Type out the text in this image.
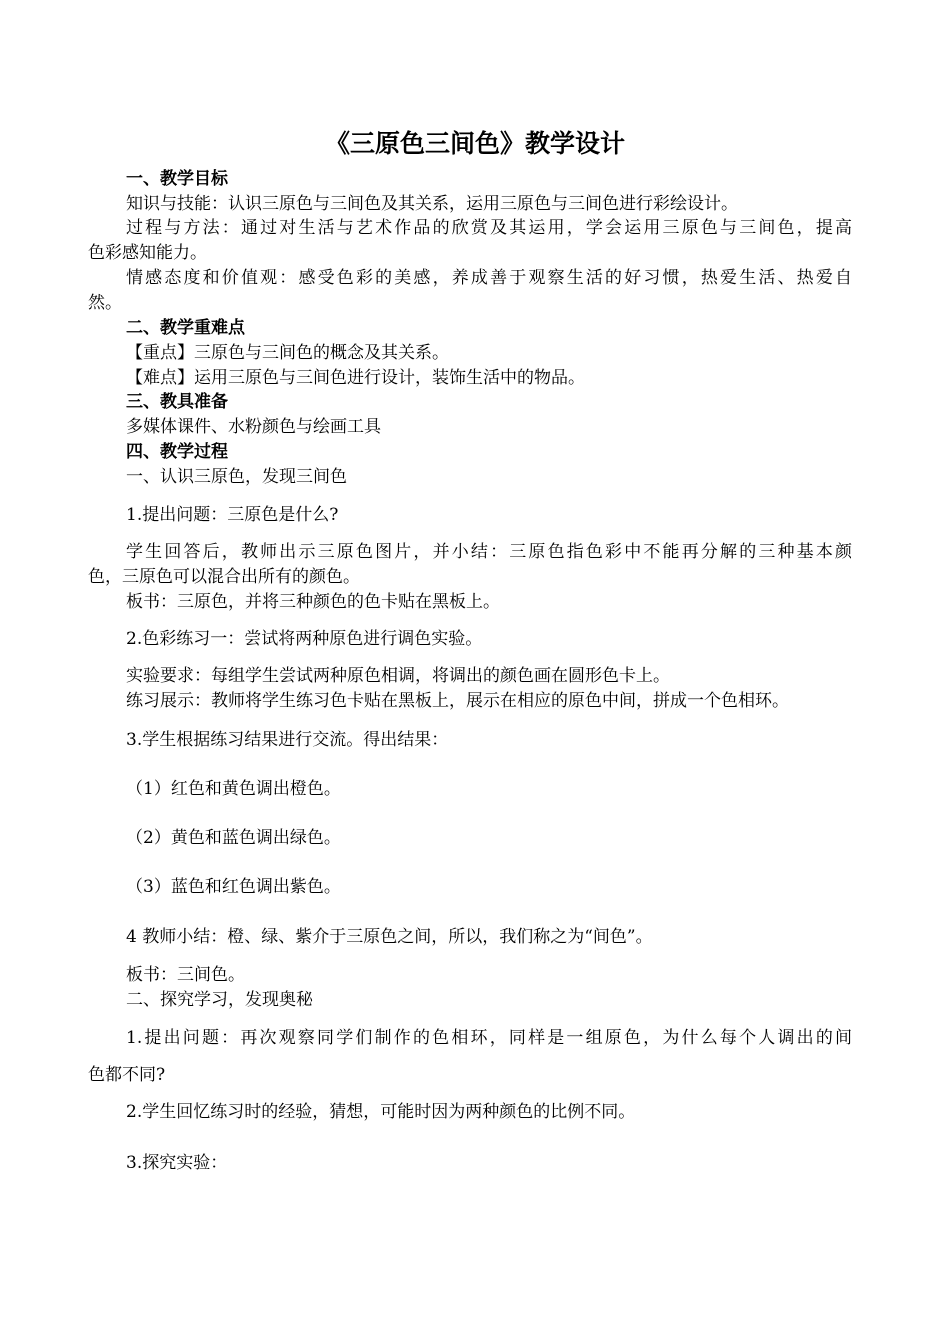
《三原色三间色》教学设计
一、教学目标
知识与技能：认识三原色与三间色及其关系，运用三原色与三间色进行彩绘设计。
过程与方法：通过对生活与艺术作品的欣赏及其运用，学会运用三原色与三间色，提高
色彩感知能力。
情感态度和价值观：感受色彩的美感，养成善于观察生活的好习惯，热爱生活、热爱自
然。
二、教学重难点
【重点】三原色与三间色的概念及其关系。
【难点】运用三原色与三间色进行设计，装饰生活中的物品。
三、教具准备
多媒体课件、水粉颜色与绘画工具
四、教学过程
一、认识三原色，发现三间色
1.提出问题：三原色是什么?
学生回答后，教师出示三原色图片，并小结：三原色指色彩中不能再分解的三种基本颜
色，三原色可以混合出所有的颜色。
板书：三原色，并将三种颜色的色卡贴在黑板上。
2.色彩练习一：尝试将两种原色进行调色实验。
实验要求：每组学生尝试两种原色相调，将调出的颜色画在圆形色卡上。
练习展示：教师将学生练习色卡贴在黑板上，展示在相应的原色中间，拼成一个色相环。
3.学生根据练习结果进行交流。得出结果：
（1）红色和黄色调出橙色。
（2）黄色和蓝色调出绿色。
（3）蓝色和红色调出紫色。
4 教师小结：橙、绿、紫介于三原色之间，所以，我们称之为“间色”。
板书：三间色。
二、探究学习，发现奥秘
1.提出问题：再次观察同学们制作的色相环，同样是一组原色，为什么每个人调出的间
色都不同?
2.学生回忆练习时的经验，猜想，可能时因为两种颜色的比例不同。
3.探究实验：
